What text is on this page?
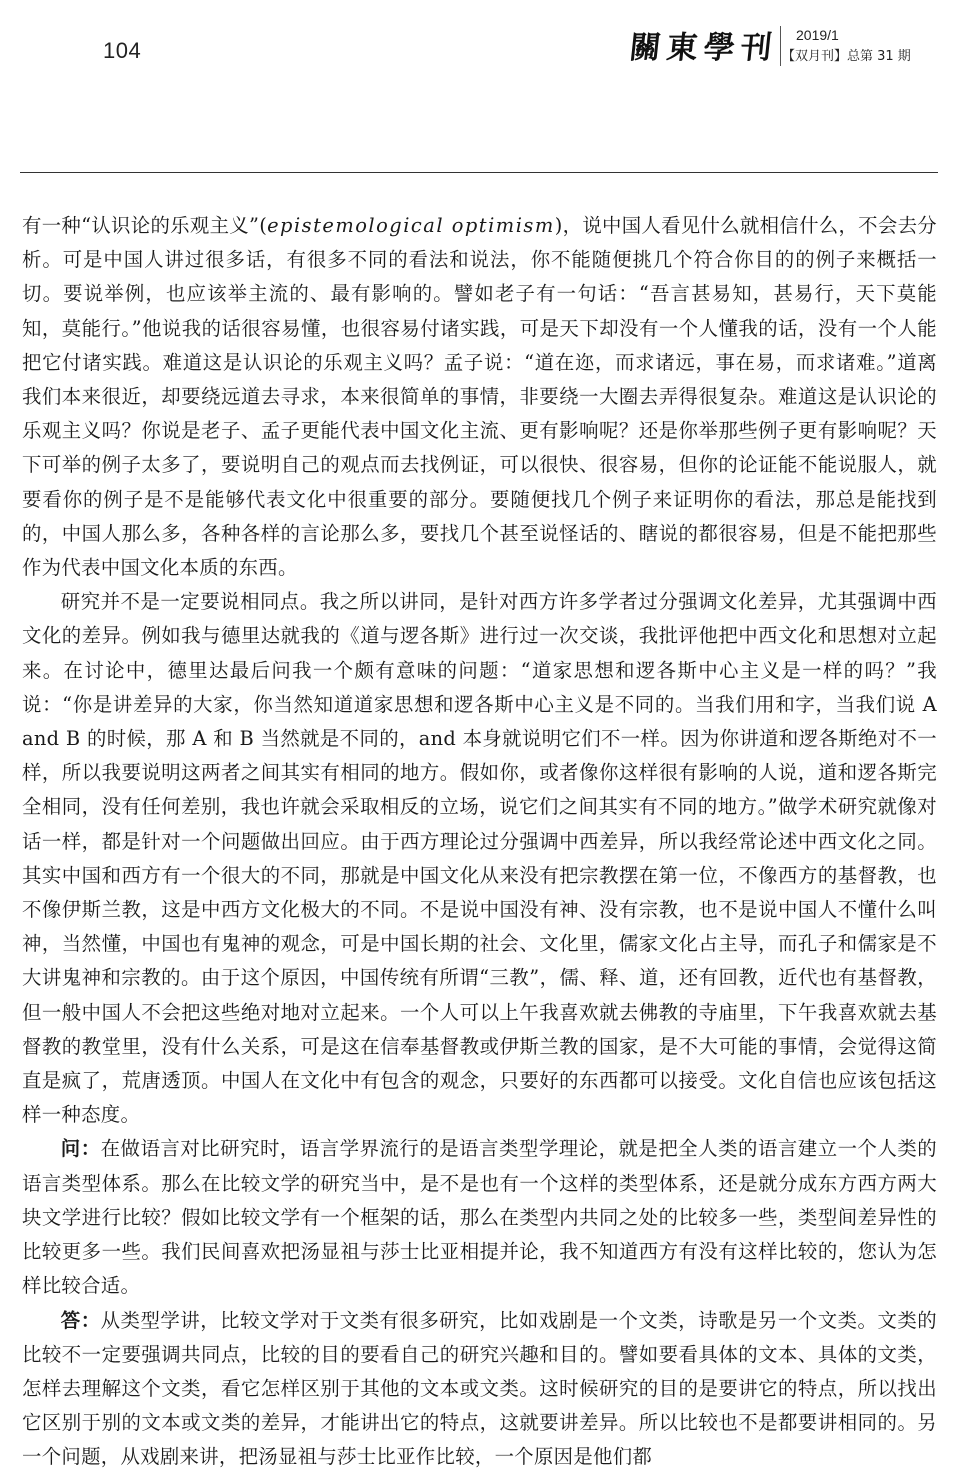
104	關東學刊 2019/1
【双月刊】总第 31 期

有一种“认识论的乐观主义”(epistemological optimism)，说中国人看见什么就相信什么，不会去分析。可是中国人讲过很多话，有很多不同的看法和说法，你不能随便挑几个符合你目的的例子来概括一切。要说举例，也应该举主流的、最有影响的。譬如老子有一句话：“吾言甚易知，甚易行，天下莫能知，莫能行。”他说我的话很容易懂，也很容易付诸实践，可是天下却没有一个人懂我的话，没有一个人能把它付诸实践。难道这是认识论的乐观主义吗？孟子说：“道在迩，而求诸远，事在易，而求诸难。”道离我们本来很近，却要绕远道去寻求，本来很简单的事情，非要绕一大圈去弄得很复杂。难道这是认识论的乐观主义吗？你说是老子、孟子更能代表中国文化主流、更有影响呢？还是你举那些例子更有影响呢？天下可举的例子太多了，要说明自己的观点而去找例证，可以很快、很容易，但你的论证能不能说服人，就要看你的例子是不是能够代表文化中很重要的部分。要随便找几个例子来证明你的看法，那总是能找到的，中国人那么多，各种各样的言论那么多，要找几个甚至说怪话的、瞎说的都很容易，但是不能把那些作为代表中国文化本质的东西。

研究并不是一定要说相同点。我之所以讲同，是针对西方许多学者过分强调文化差异，尤其强调中西文化的差异。例如我与德里达就我的《道与逻各斯》进行过一次交谈，我批评他把中西文化和思想对立起来。在讨论中，德里达最后问我一个颇有意味的问题：“道家思想和逻各斯中心主义是一样的吗？”我说：“你是讲差异的大家，你当然知道道家思想和逻各斯中心主义是不同的。当我们用和字，当我们说 A and B 的时候，那 A 和 B 当然就是不同的，and 本身就说明它们不一样。因为你讲道和逻各斯绝对不一样，所以我要说明这两者之间其实有相同的地方。假如你，或者像你这样很有影响的人说，道和逻各斯完全相同，没有任何差别，我也许就会采取相反的立场，说它们之间其实有不同的地方。”做学术研究就像对话一样，都是针对一个问题做出回应。由于西方理论过分强调中西差异，所以我经常论述中西文化之同。其实中国和西方有一个很大的不同，那就是中国文化从来没有把宗教摆在第一位，不像西方的基督教，也不像伊斯兰教，这是中西方文化极大的不同。不是说中国没有神、没有宗教，也不是说中国人不懂什么叫神，当然懂，中国也有鬼神的观念，可是中国长期的社会、文化里，儒家文化占主导，而孔子和儒家是不大讲鬼神和宗教的。由于这个原因，中国传统有所谓“三教”，儒、释、道，还有回教，近代也有基督教，但一般中国人不会把这些绝对地对立起来。一个人可以上午我喜欢就去佛教的寺庙里，下午我喜欢就去基督教的教堂里，没有什么关系，可是这在信奉基督教或伊斯兰教的国家，是不大可能的事情，会觉得这简直是疯了，荒唐透顶。中国人在文化中有包含的观念，只要好的东西都可以接受。文化自信也应该包括这样一种态度。

问：在做语言对比研究时，语言学界流行的是语言类型学理论，就是把全人类的语言建立一个人类的语言类型体系。那么在比较文学的研究当中，是不是也有一个这样的类型体系，还是就分成东方西方两大块文学进行比较？假如比较文学有一个框架的话，那么在类型内共同之处的比较多一些，类型间差异性的比较更多一些。我们民间喜欢把汤显祖与莎士比亚相提并论，我不知道西方有没有这样比较的，您认为怎样比较合适。

答：从类型学讲，比较文学对于文类有很多研究，比如戏剧是一个文类，诗歌是另一个文类。文类的比较不一定要强调共同点，比较的目的要看自己的研究兴趣和目的。譬如要看具体的文本、具体的文类，怎样去理解这个文类，看它怎样区别于其他的文本或文类。这时候研究的目的是要讲它的特点，所以找出它区别于别的文本或文类的差异，才能讲出它的特点，这就要讲差异。所以比较也不是都要讲相同的。另一个问题，从戏剧来讲，把汤显祖与莎士比亚作比较，一个原因是他们都
